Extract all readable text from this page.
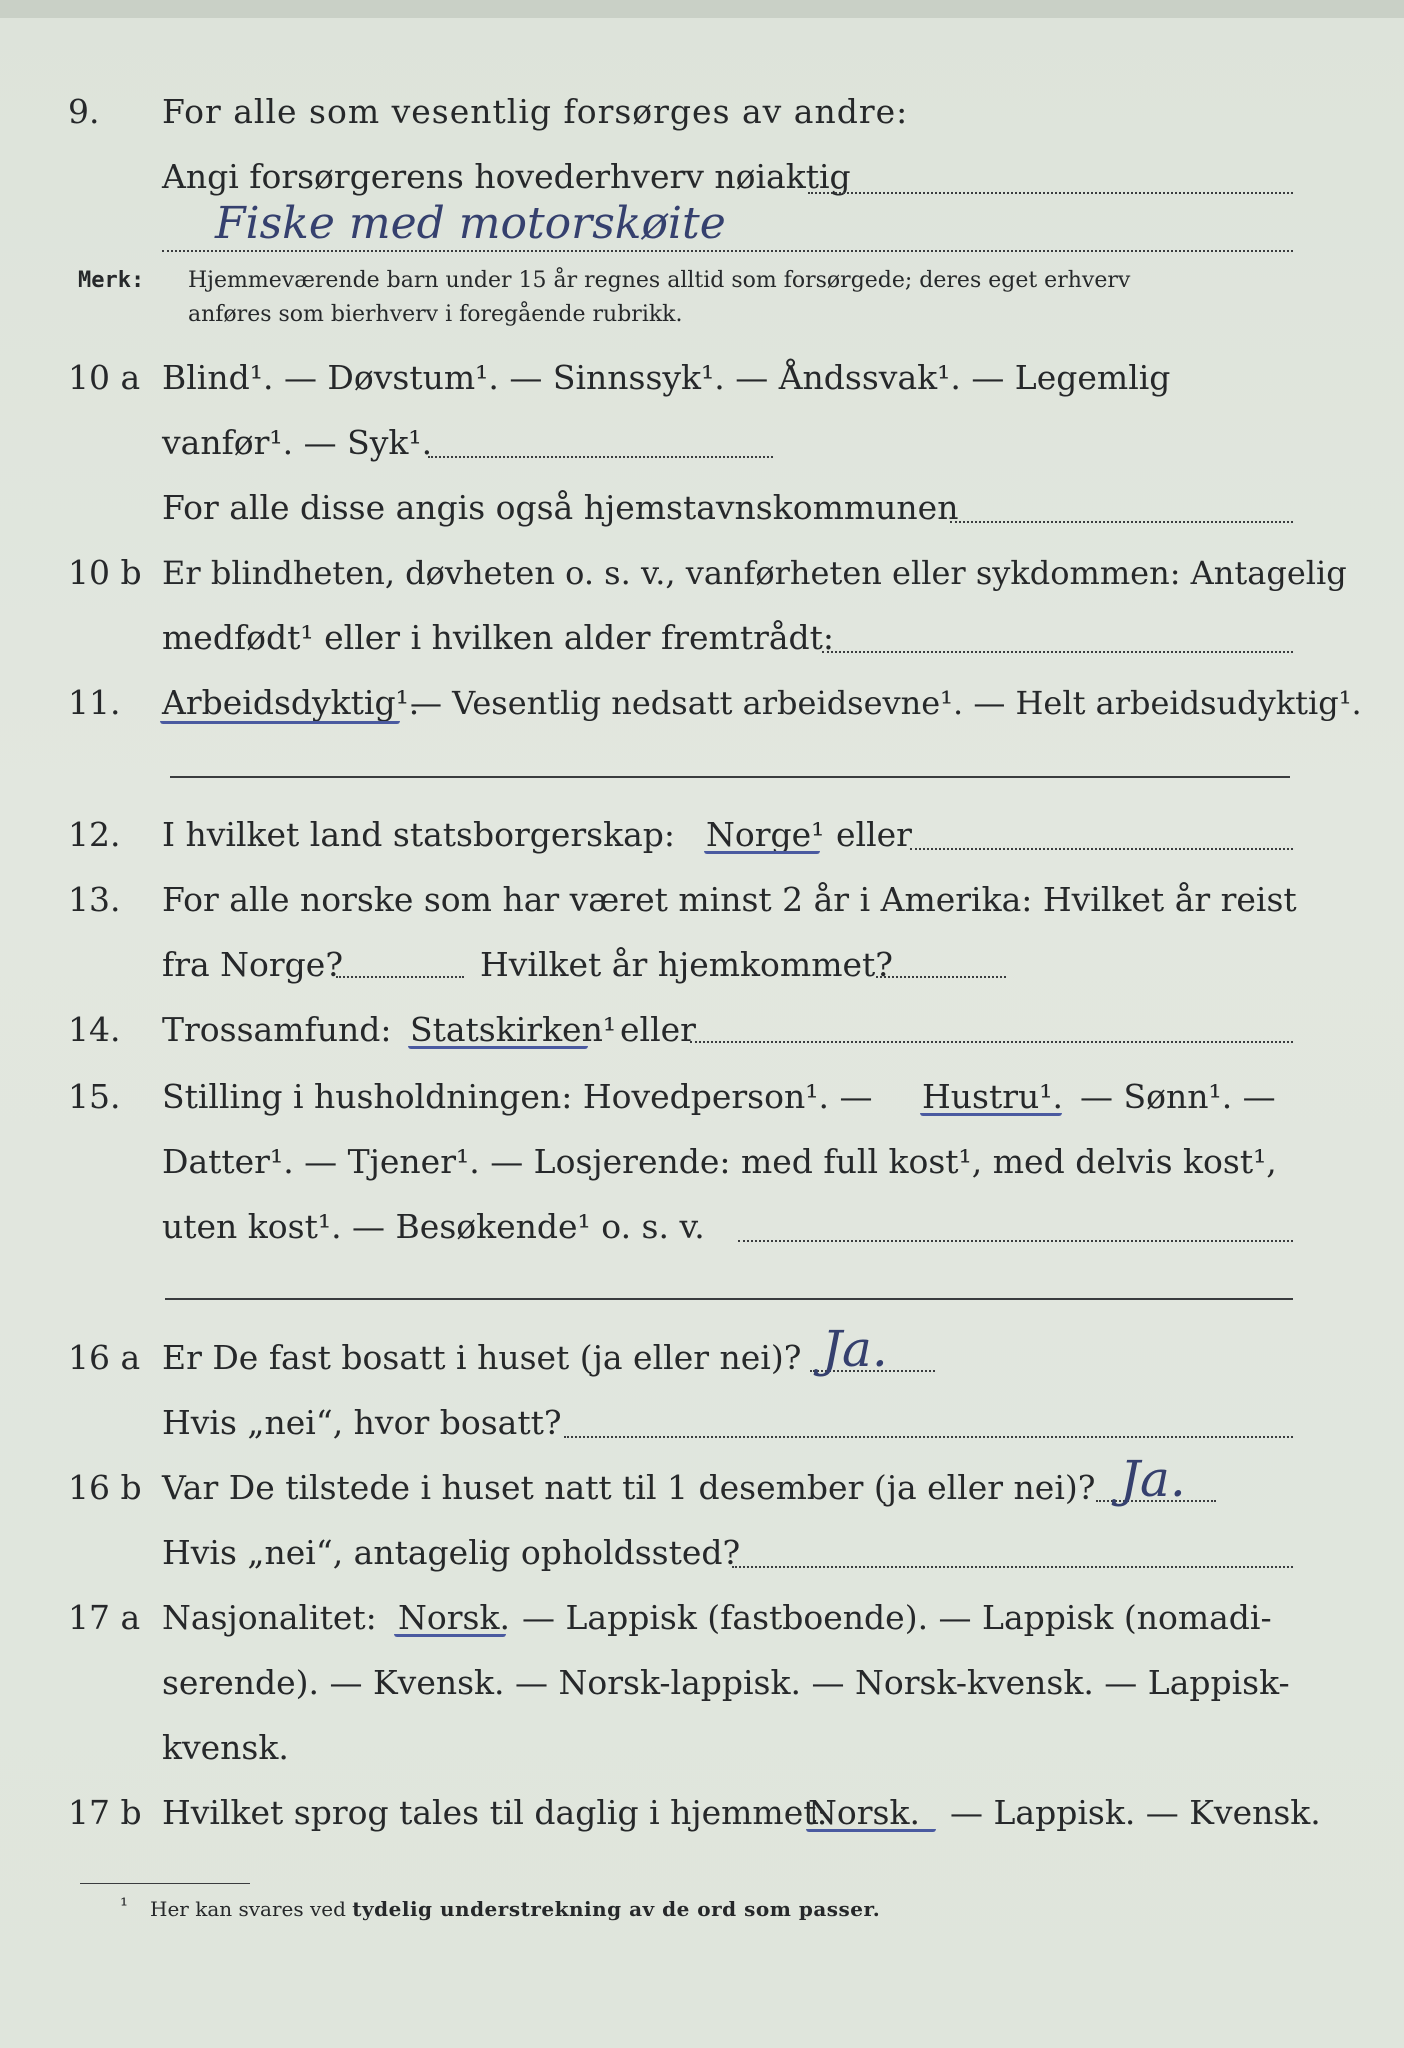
9. For alle som vesentlig forsørges av andre:
Angi forsørgerens hovederhverv nøiaktig
Fiske med motorskøite
Merk: Hjemmeværende barn under 15 år regnes alltid som forsørgede; deres eget erhverv
anføres som bierhverv i foregående rubrikk.
10 a Blind¹. — Døvstum¹. — Sinnssyk¹. — Åndssvak¹. — Legemlig
vanfør¹. — Syk¹.
For alle disse angis også hjemstavnskommunen
10 b Er blindheten, døvheten o. s. v., vanførheten eller sykdommen: Antagelig
medfødt¹ eller i hvilken alder fremtrådt:
11. Arbeidsdyktig¹.
— Vesentlig nedsatt arbeidsevne¹. — Helt arbeidsudyktig¹.
12. I hvilket land statsborgerskap: Norge¹ eller
13. For alle norske som har været minst 2 år i Amerika: Hvilket år reist
fra Norge?	Hvilket år hjemkommet?
14. Trossamfund: Statskirken¹ eller
15. Stilling i husholdningen: Hovedperson¹. — Hustru¹. — Sønn¹. —
Datter¹. — Tjener¹. — Losjerende: med full kost¹, med delvis kost¹,
uten kost¹. — Besøkende¹ o. s. v.
16 a Er De fast bosatt i huset (ja eller nei)? Ja.
Hvis „nei“, hvor bosatt?
16 b Var De tilstede i huset natt til 1 desember (ja eller nei)? Ja.
Hvis „nei“, antagelig opholdssted?
17 a Nasjonalitet: Norsk. — Lappisk (fastboende). — Lappisk (nomadi-
serende). — Kvensk. — Norsk-lappisk. — Norsk-kvensk. — Lappisk-
kvensk.
17 b Hvilket sprog tales til daglig i hjemmet:
Norsk. — Lappisk. — Kvensk.
¹ Her kan svares ved tydelig understrekning av de ord som passer.
